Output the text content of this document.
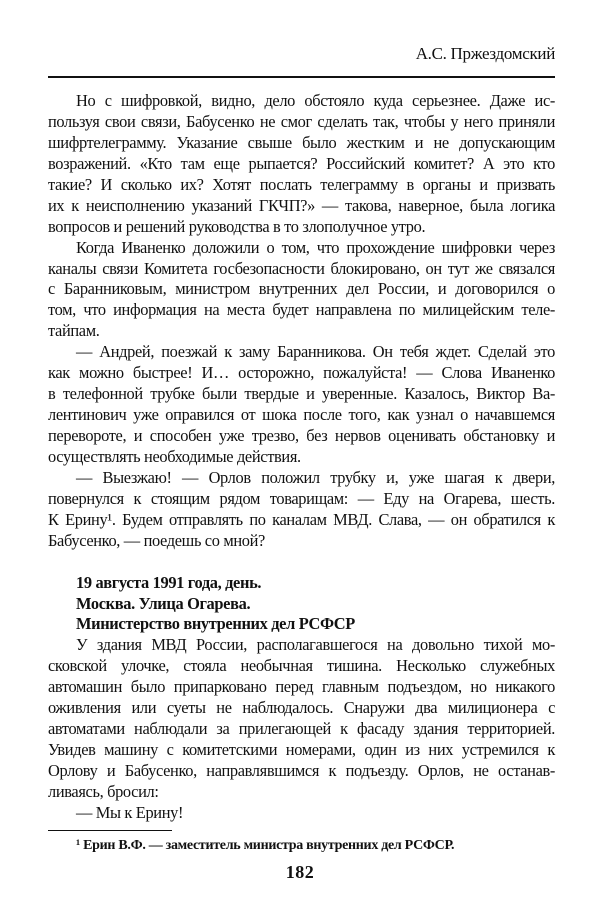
А.С. Пржездомский
Но с шифровкой, видно, дело обстояло куда серьезнее. Даже ис-
пользуя свои связи, Бабусенко не смог сделать так, чтобы у него приняли
шифртелеграмму. Указание свыше было жестким и не допускающим
возражений. «Кто там еще рыпается? Российский комитет? А это кто
такие? И сколько их? Хотят послать телеграмму в органы и призвать
их к неисполнению указаний ГКЧП?» — такова, наверное, была логика
вопросов и решений руководства в то злополучное утро.
Когда Иваненко доложили о том, что прохождение шифровки через
каналы связи Комитета госбезопасности блокировано, он тут же связался
с Баранниковым, министром внутренних дел России, и договорился о
том, что информация на места будет направлена по милицейским теле-
тайпам.
— Андрей, поезжай к заму Баранникова. Он тебя ждет. Сделай это
как можно быстрее! И… осторожно, пожалуйста! — Слова Иваненко
в телефонной трубке были твердые и уверенные. Казалось, Виктор Ва-
лентинович уже оправился от шока после того, как узнал о начавшемся
перевороте, и способен уже трезво, без нервов оценивать обстановку и
осуществлять необходимые действия.
— Выезжаю! — Орлов положил трубку и, уже шагая к двери,
повернулся к стоящим рядом товарищам: — Еду на Огарева, шесть.
К Ерину¹. Будем отправлять по каналам МВД. Слава, — он обратился к
Бабусенко, — поедешь со мной?
19 августа 1991 года, день.
Москва. Улица Огарева.
Министерство внутренних дел РСФСР
У здания МВД России, располагавшегося на довольно тихой мо-
сковской улочке, стояла необычная тишина. Несколько служебных
автомашин было припарковано перед главным подъездом, но никакого
оживления или суеты не наблюдалось. Снаружи два милиционера с
автоматами наблюдали за прилегающей к фасаду здания территорией.
Увидев машину с комитетскими номерами, один из них устремился к
Орлову и Бабусенко, направлявшимся к подъезду. Орлов, не останав-
ливаясь, бросил:
— Мы к Ерину!
¹ Ерин В.Ф. — заместитель министра внутренних дел РСФСР.
182
